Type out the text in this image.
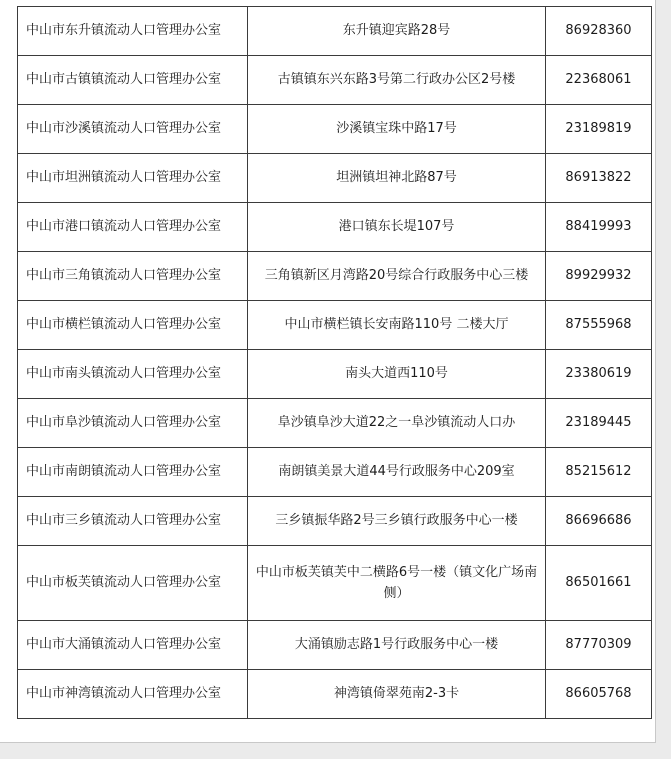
中山市东升镇流动人口管理办公室	东升镇迎宾路28号	86928360
中山市古镇镇流动人口管理办公室	古镇镇东兴东路3号第二行政办公区2号楼	22368061
中山市沙溪镇流动人口管理办公室	沙溪镇宝珠中路17号	23189819
中山市坦洲镇流动人口管理办公室	坦洲镇坦神北路87号	86913822
中山市港口镇流动人口管理办公室	港口镇东长堤107号	88419993
中山市三角镇流动人口管理办公室	三角镇新区月湾路20号综合行政服务中心三楼	89929932
中山市横栏镇流动人口管理办公室	中山市横栏镇长安南路110号 二楼大厅	87555968
中山市南头镇流动人口管理办公室	南头大道西110号	23380619
中山市阜沙镇流动人口管理办公室	阜沙镇阜沙大道22之一阜沙镇流动人口办	23189445
中山市南朗镇流动人口管理办公室	南朗镇美景大道44号行政服务中心209室	85215612
中山市三乡镇流动人口管理办公室	三乡镇振华路2号三乡镇行政服务中心一楼	86696686
中山市板芙镇流动人口管理办公室	中山市板芙镇芙中二横路6号一楼（镇文化广场南侧）	86501661
中山市大涌镇流动人口管理办公室	大涌镇励志路1号行政服务中心一楼	87770309
中山市神湾镇流动人口管理办公室	神湾镇倚翠苑南2-3卡	86605768
